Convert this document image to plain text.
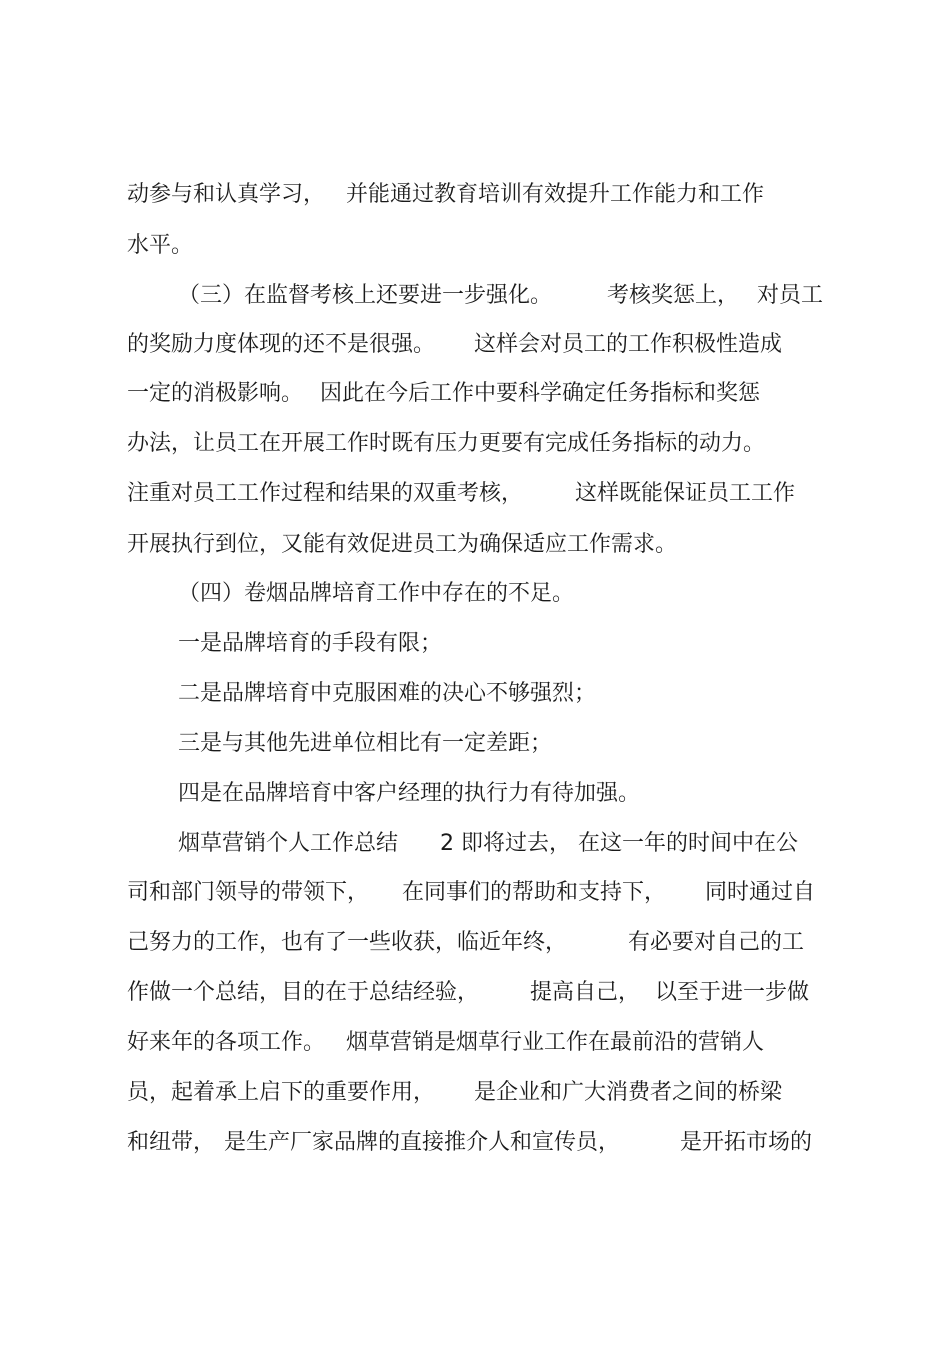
动参与和认真学习， 并能通过教育培训有效提升工作能力和工作
水平。
（三）在监督考核上还要进一步强化。 考核奖惩上， 对员工
的奖励力度体现的还不是很强。 这样会对员工的工作积极性造成
一定的消极影响。 因此在今后工作中要科学确定任务指标和奖惩
办法，让员工在开展工作时既有压力更要有完成任务指标的动力。
注重对员工工作过程和结果的双重考核， 这样既能保证员工工作
开展执行到位，又能有效促进员工为确保适应工作需求。
（四）卷烟品牌培育工作中存在的不足。
一是品牌培育的手段有限；
二是品牌培育中克服困难的决心不够强烈；
三是与其他先进单位相比有一定差距；
四是在品牌培育中客户经理的执行力有待加强。
烟草营销个人工作总结 2 即将过去， 在这一年的时间中在公
司和部门领导的带领下， 在同事们的帮助和支持下， 同时通过自
己努力的工作，也有了一些收获，临近年终，	有必要对自己的工
作做一个总结，目的在于总结经验， 提高自己， 以至于进一步做
好来年的各项工作。 烟草营销是烟草行业工作在最前沿的营销人
员，起着承上启下的重要作用， 是企业和广大消费者之间的桥梁
和纽带， 是生产厂家品牌的直接推介人和宣传员，	是开拓市场的
